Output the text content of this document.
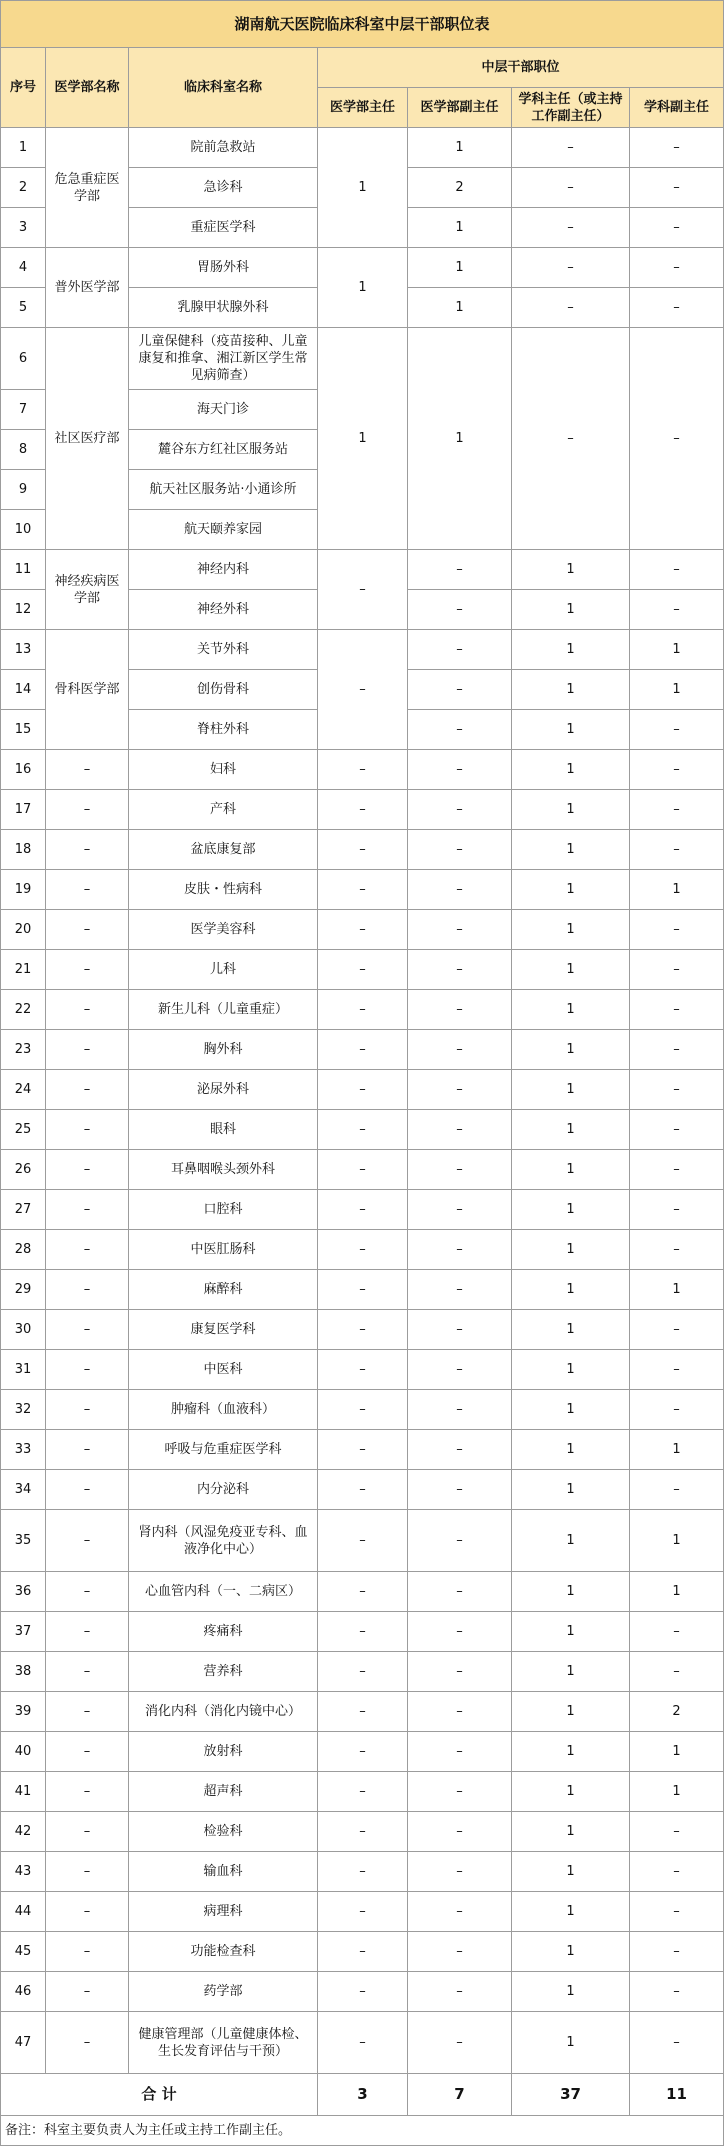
湖南航天医院临床科室中层干部职位表						
序号	医学部名称	临床科室名称	中层干部职位			
			医学部主任	医学部副主任	学科主任（或主持工作副主任）	学科副主任
1	危急重症医学部	院前急救站	1	1	–	–
2		急诊科		2	–	–
3		重症医学科		1	–	–
4	普外医学部	胃肠外科	1	1	–	–
5		乳腺甲状腺外科		1	–	–
6	社区医疗部	儿童保健科（疫苗接种、儿童康复和推拿、湘江新区学生常见病筛查）	1	1	–	–
7		海天门诊				
8		麓谷东方红社区服务站				
9		航天社区服务站·小通诊所				
10		航天颐养家园				
11	神经疾病医学部	神经内科	–	–	1	–
12		神经外科		–	1	–
13	骨科医学部	关节外科	–	–	1	1
14		创伤骨科		–	1	1
15		脊柱外科		–	1	–
16	–	妇科	–	–	1	–
17	–	产科	–	–	1	–
18	–	盆底康复部	–	–	1	–
19	–	皮肤・性病科	–	–	1	1
20	–	医学美容科	–	–	1	–
21	–	儿科	–	–	1	–
22	–	新生儿科（儿童重症）	–	–	1	–
23	–	胸外科	–	–	1	–
24	–	泌尿外科	–	–	1	–
25	–	眼科	–	–	1	–
26	–	耳鼻咽喉头颈外科	–	–	1	–
27	–	口腔科	–	–	1	–
28	–	中医肛肠科	–	–	1	–
29	–	麻醉科	–	–	1	1
30	–	康复医学科	–	–	1	–
31	–	中医科	–	–	1	–
32	–	肿瘤科（血液科）	–	–	1	–
33	–	呼吸与危重症医学科	–	–	1	1
34	–	内分泌科	–	–	1	–
35	–	肾内科（风湿免疫亚专科、血液净化中心）	–	–	1	1
36	–	心血管内科（一、二病区）	–	–	1	1
37	–	疼痛科	–	–	1	–
38	–	营养科	–	–	1	–
39	–	消化内科（消化内镜中心）	–	–	1	2
40	–	放射科	–	–	1	1
41	–	超声科	–	–	1	1
42	–	检验科	–	–	1	–
43	–	输血科	–	–	1	–
44	–	病理科	–	–	1	–
45	–	功能检查科	–	–	1	–
46	–	药学部	–	–	1	–
47	–	健康管理部（儿童健康体检、生长发育评估与干预）	–	–	1	–
合 计			3	7	37	11
备注：科室主要负责人为主任或主持工作副主任。						
